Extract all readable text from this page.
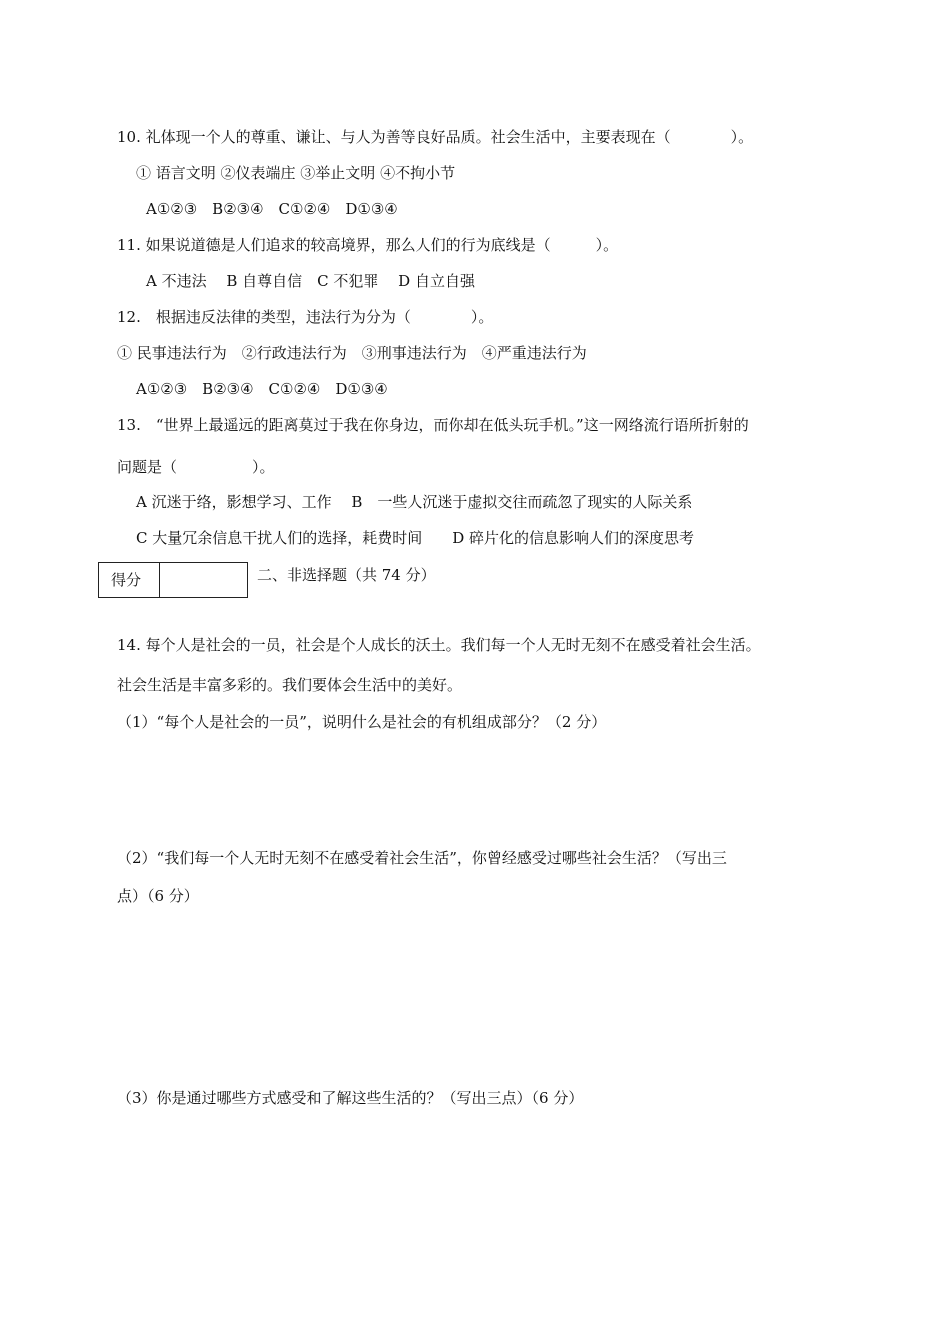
10. 礼体现一个人的尊重、谦让、与人为善等良好品质。社会生活中，主要表现在（　　　　）。
① 语言文明 ②仪表端庄 ③举止文明 ④不拘小节
A①②③　B②③④　C①②④　D①③④
11. 如果说道德是人们追求的较高境界，那么人们的行为底线是（　　　）。
A 不违法　 B 自尊自信　C 不犯罪　 D 自立自强
12.　根据违反法律的类型，违法行为分为（　　　　）。
① 民事违法行为　②行政违法行为　③刑事违法行为　④严重违法行为
A①②③　B②③④　C①②④　D①③④
13.　“世界上最遥远的距离莫过于我在你身边，而你却在低头玩手机。”这一网络流行语所折射的
问题是（　　　　　）。
A 沉迷于络，影想学习、工作　 B　一些人沉迷于虚拟交往而疏忽了现实的人际关系
C 大量冗余信息干扰人们的选择，耗费时间　　D 碎片化的信息影响人们的深度思考
得分	二、非选择题（共 74 分）
14. 每个人是社会的一员，社会是个人成长的沃土。我们每一个人无时无刻不在感受着社会生活。
社会生活是丰富多彩的。我们要体会生活中的美好。
（1）“每个人是社会的一员”，说明什么是社会的有机组成部分？（2 分）
（2）“我们每一个人无时无刻不在感受着社会生活”，你曾经感受过哪些社会生活？（写出三
点）（6 分）
（3）你是通过哪些方式感受和了解这些生活的？（写出三点）（6 分）
